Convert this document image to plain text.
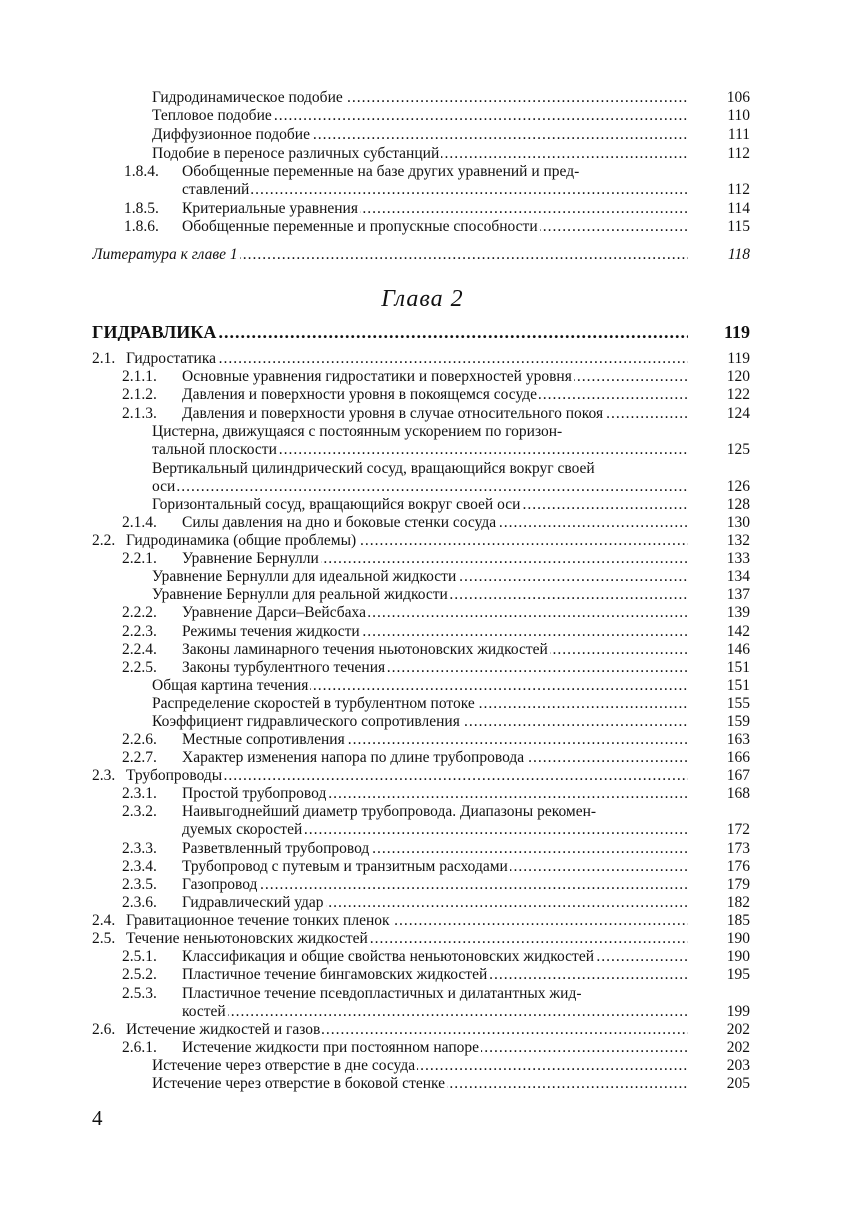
Глава 2
4
Гидродинамическое подобие .....	106
Тепловое подобие .....	110
Диффузионное подобие .....	111
Подобие в переносе различных субстанций .....	112
1.8.4. Обобщенные переменные на базе других уравнений и пред-
ставлений .....	112
1.8.5. Критериальные уравнения .....	114
1.8.6. Обобщенные переменные и пропускные способности .....	115
Литература к главе 1 .....	118
ГИДРАВЛИКА .....	119
2.1. Гидростатика .....	119
2.1.1. Основные уравнения гидростатики и поверхностей уровня .....	120
2.1.2. Давления и поверхности уровня в покоящемся сосуде .....	122
2.1.3. Давления и поверхности уровня в случае относительного покоя .....	124
Цистерна, движущаяся с постоянным ускорением по горизон-
тальной плоскости .....	125
Вертикальный цилиндрический сосуд, вращающийся вокруг своей
оси .....	126
Горизонтальный сосуд, вращающийся вокруг своей оси .....	128
2.1.4. Силы давления на дно и боковые стенки сосуда .....	130
2.2. Гидродинамика (общие проблемы) .....	132
2.2.1. Уравнение Бернулли .....	133
Уравнение Бернулли для идеальной жидкости .....	134
Уравнение Бернулли для реальной жидкости .....	137
2.2.2. Уравнение Дарси–Вейсбаха .....	139
2.2.3. Режимы течения жидкости .....	142
2.2.4. Законы ламинарного течения ньютоновских жидкостей .....	146
2.2.5. Законы турбулентного течения .....	151
Общая картина течения .....	151
Распределение скоростей в турбулентном потоке .....	155
Коэффициент гидравлического сопротивления .....	159
2.2.6. Местные сопротивления .....	163
2.2.7. Характер изменения напора по длине трубопровода .....	166
2.3. Трубопроводы .....	167
2.3.1. Простой трубопровод .....	168
2.3.2. Наивыгоднейший диаметр трубопровода. Диапазоны рекомен-
дуемых скоростей .....	172
2.3.3. Разветвленный трубопровод .....	173
2.3.4. Трубопровод с путевым и транзитным расходами .....	176
2.3.5. Газопровод .....	179
2.3.6. Гидравлический удар .....	182
2.4. Гравитационное течение тонких пленок .....	185
2.5. Течение неньютоновских жидкостей .....	190
2.5.1. Классификация и общие свойства неньютоновских жидкостей .....	190
2.5.2. Пластичное течение бингамовских жидкостей .....	195
2.5.3. Пластичное течение псевдопластичных и дилатантных жид-
костей .....	199
2.6. Истечение жидкостей и газов .....	202
2.6.1. Истечение жидкости при постоянном напоре .....	202
Истечение через отверстие в дне сосуда .....	203
Истечение через отверстие в боковой стенке .....	205
